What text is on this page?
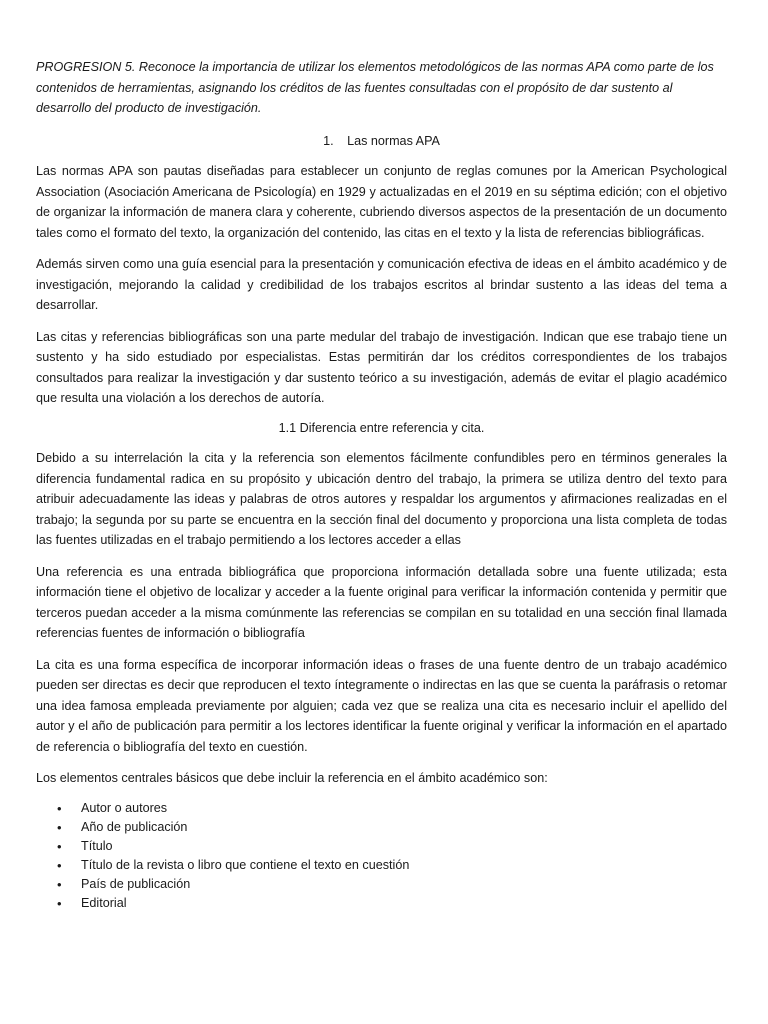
PROGRESION 5. Reconoce la importancia de utilizar los elementos metodológicos de las normas APA como parte de los contenidos de herramientas, asignando los créditos de las fuentes consultadas con el propósito de dar sustento al desarrollo del producto de investigación.

1. Las normas APA

Las normas APA son pautas diseñadas para establecer un conjunto de reglas comunes por la American Psychological Association (Asociación Americana de Psicología) en 1929 y actualizadas en el 2019 en su séptima edición; con el objetivo de organizar la información de manera clara y coherente, cubriendo diversos aspectos de la presentación de un documento tales como el formato del texto, la organización del contenido, las citas en el texto y la lista de referencias bibliográficas.

Además sirven como una guía esencial para la presentación y comunicación efectiva de ideas en el ámbito académico y de investigación, mejorando la calidad y credibilidad de los trabajos escritos al brindar sustento a las ideas del tema a desarrollar.

Las citas y referencias bibliográficas son una parte medular del trabajo de investigación. Indican que ese trabajo tiene un sustento y ha sido estudiado por especialistas. Estas permitirán dar los créditos correspondientes de los trabajos consultados para realizar la investigación y dar sustento teórico a su investigación, además de evitar el plagio académico que resulta una violación a los derechos de autoría.

1.1 Diferencia entre referencia y cita.

Debido a su interrelación la cita y la referencia son elementos fácilmente confundibles pero en términos generales la diferencia fundamental radica en su propósito y ubicación dentro del trabajo, la primera se utiliza dentro del texto para atribuir adecuadamente las ideas y palabras de otros autores y respaldar los argumentos y afirmaciones realizadas en el trabajo; la segunda por su parte se encuentra en la sección final del documento y proporciona una lista completa de todas las fuentes utilizadas en el trabajo permitiendo a los lectores acceder a ellas

Una referencia es una entrada bibliográfica que proporciona información detallada sobre una fuente utilizada; esta información tiene el objetivo de localizar y acceder a la fuente original para verificar la información contenida y permitir que terceros puedan acceder a la misma comúnmente las referencias se compilan en su totalidad en una sección final llamada referencias fuentes de información o bibliografía

La cita es una forma específica de incorporar información ideas o frases de una fuente dentro de un trabajo académico pueden ser directas es decir que reproducen el texto íntegramente o indirectas en las que se cuenta la paráfrasis o retomar una idea famosa empleada previamente por alguien; cada vez que se realiza una cita es necesario incluir el apellido del autor y el año de publicación para permitir a los lectores identificar la fuente original y verificar la información en el apartado de referencia o bibliografía del texto en cuestión.

Los elementos centrales básicos que debe incluir la referencia en el ámbito académico son:

• Autor o autores
• Año de publicación
• Título
• Título de la revista o libro que contiene el texto en cuestión
• País de publicación
• Editorial
